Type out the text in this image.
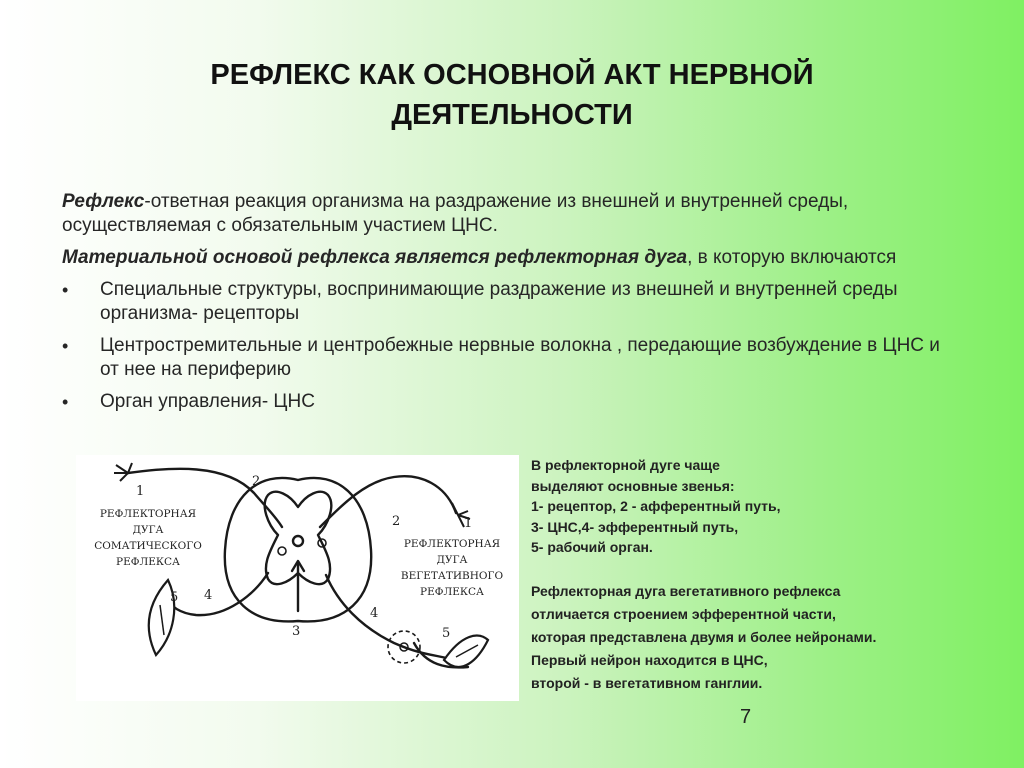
РЕФЛЕКС КАК ОСНОВНОЙ АКТ НЕРВНОЙ
ДЕЯТЕЛЬНОСТИ

Рефлекс-ответная реакция организма на раздражение из внешней и внутренней среды, осуществляемая с обязательным участием ЦНС.

Материальной основой рефлекса является рефлекторная дуга, в которую включаются

• Специальные структуры, воспринимающие раздражение из внешней и внутренней среды организма- рецепторы
• Центростремительные и центробежные нервные волокна , передающие возбуждение в ЦНС и от нее на периферию
• Орган управления- ЦНС
1
2
4
5
3
1
2
4
5
РЕФЛЕКТОРНАЯ
ДУГА
СОМАТИЧЕСКОГО
РЕФЛЕКСА
РЕФЛЕКТОРНАЯ
ДУГА
ВЕГЕТАТИВНОГО
РЕФЛЕКСА
В рефлекторной дуге чаще
выделяют основные звенья:
1- рецептор, 2 - афферентный путь,
3- ЦНС,4- эфферентный путь,
5- рабочий орган.
Рефлекторная дуга вегетативного рефлекса
отличается строением эфферентной части,
которая представлена двумя и более нейронами.
Первый нейрон находится в ЦНС,
второй - в вегетативном ганглии.
7
